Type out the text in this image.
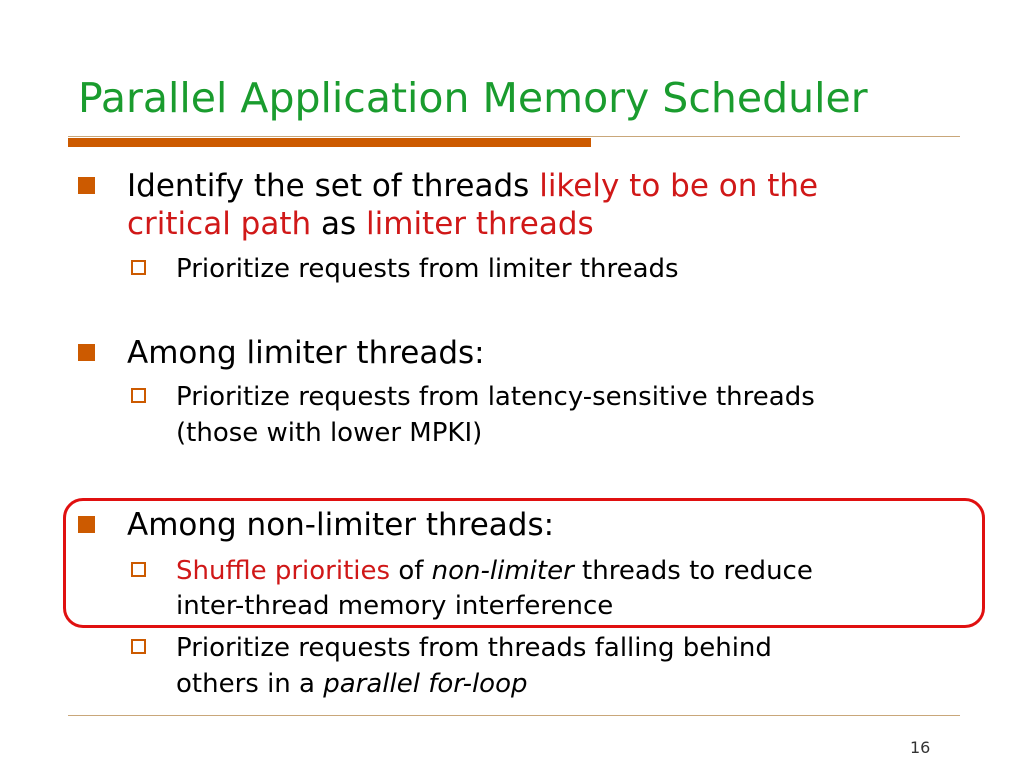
Parallel Application Memory Scheduler
Identify the set of threads likely to be on the
critical path as limiter threads
Prioritize requests from limiter threads
Among limiter threads:
Prioritize requests from latency-sensitive threads
(those with lower MPKI)
Among non-limiter threads:
Shuffle priorities of non-limiter threads to reduce
inter-thread memory interference
Prioritize requests from threads falling behind
others in a parallel for-loop
16
